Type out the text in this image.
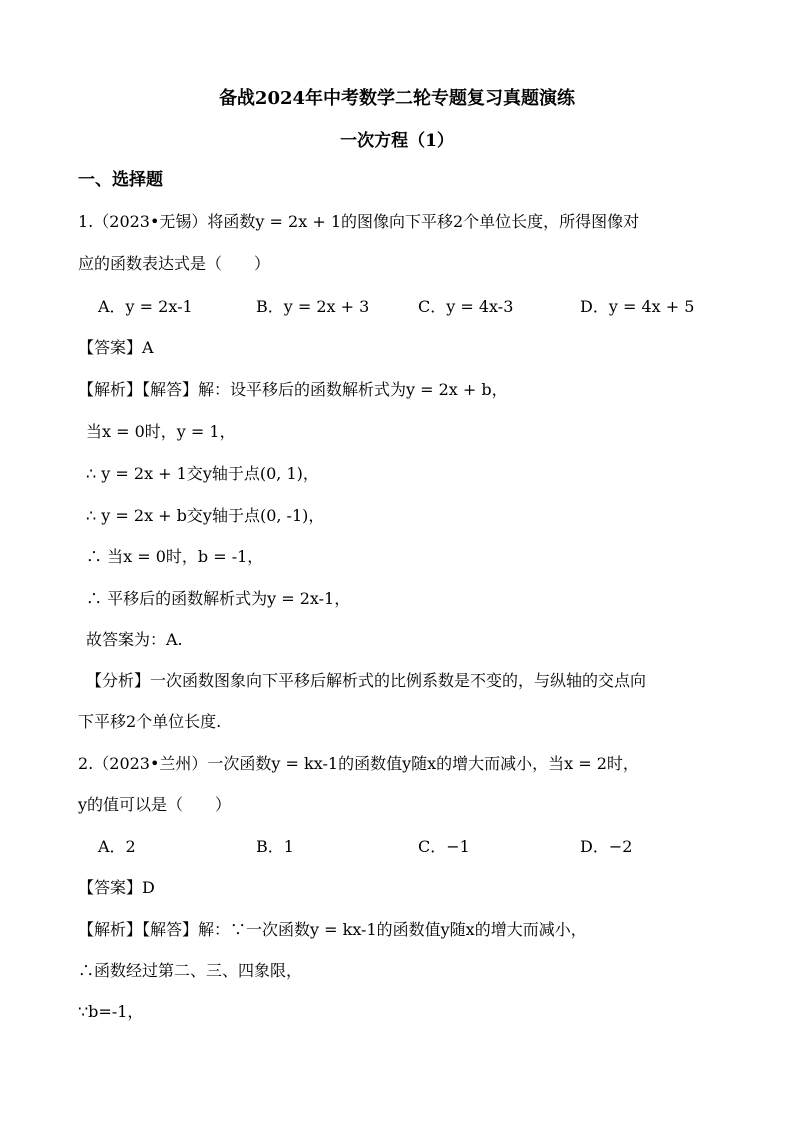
备战2024年中考数学二轮专题复习真题演练
一次方程（1）
一、选择题
1.（2023•无锡）将函数y = 2x + 1的图像向下平移2个单位长度，所得图像对
应的函数表达式是（　　）
A．y = 2x-1	B．y = 2x + 3	C．y = 4x-3	D．y = 4x + 5
【答案】A
【解析】【解答】解：设平移后的函数解析式为y = 2x + b，
当x = 0时，y = 1，
∴ y = 2x + 1交y轴于点(0, 1)，
∴ y = 2x + b交y轴于点(0, -1)，
∴ 当x = 0时，b = -1，
∴ 平移后的函数解析式为y = 2x-1，
故答案为：A.
【分析】一次函数图象向下平移后解析式的比例系数是不变的，与纵轴的交点向
下平移2个单位长度.
2.（2023•兰州）一次函数y = kx-1的函数值y随x的增大而减小，当x = 2时，
y的值可以是（　　）
A．2	B．1	C．−1	D．−2
【答案】D
【解析】【解答】解：∵一次函数y = kx-1的函数值y随x的增大而减小，
∴函数经过第二、三、四象限，
∵b=-1，
